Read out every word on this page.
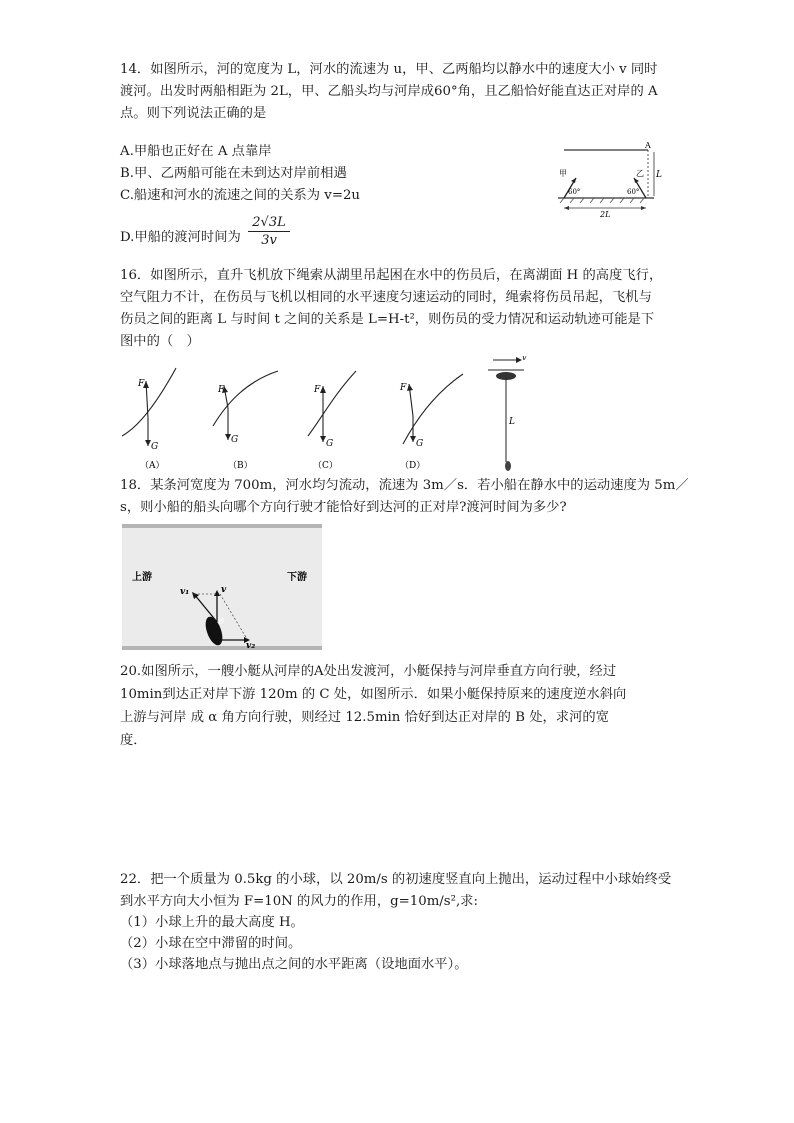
14．如图所示，河的宽度为 L，河水的流速为 u，甲、乙两船均以静水中的速度大小 v 同时
渡河。出发时两船相距为 2L，甲、乙船头均与河岸成60°角，且乙船恰好能直达正对岸的 A
点。则下列说法正确的是
A.甲船也正好在 A 点靠岸
B.甲、乙两船可能在未到达对岸前相遇
C.船速和河水的流速之间的关系为 v=2u
D.甲船的渡河时间为 $\frac{2√3L}{3v}$
L
A
甲
60°
乙
60°
2L
16．如图所示，直升飞机放下绳索从湖里吊起困在水中的伤员后，在离湖面 H 的高度飞行，
空气阻力不计，在伤员与飞机以相同的水平速度匀速运动的同时，绳索将伤员吊起，飞机与
伤员之间的距离 L 与时间 t 之间的关系是 L=H-t²，则伤员的受力情况和运动轨迹可能是下
图中的（　）
F
G
（A）
F
G
（B）
F
G
（C）
F
G
（D）
v
L
18．某条河宽度为 700m，河水均匀流动，流速为 3m／s．若小船在静水中的运动速度为 5m／
s，则小船的船头向哪个方向行驶才能恰好到达河的正对岸?渡河时间为多少?
上游	下游
v₁	v
v₂
θ
20.如图所示，一艘小艇从河岸的A处出发渡河，小艇保持与河岸垂直方向行驶，经过
10min到达正对岸下游 120m 的 C 处，如图所示．如果小艇保持原来的速度逆水斜向
上游与河岸 成 α 角方向行驶，则经过 12.5min 恰好到达正对岸的 B 处，求河的宽
度．
22．把一个质量为 0.5kg 的小球，以 20m/s 的初速度竖直向上抛出，运动过程中小球始终受
到水平方向大小恒为 F=10N 的风力的作用，g=10m/s²,求:
（1）小球上升的最大高度 H。
（2）小球在空中滞留的时间。
（3）小球落地点与抛出点之间的水平距离（设地面水平）。
